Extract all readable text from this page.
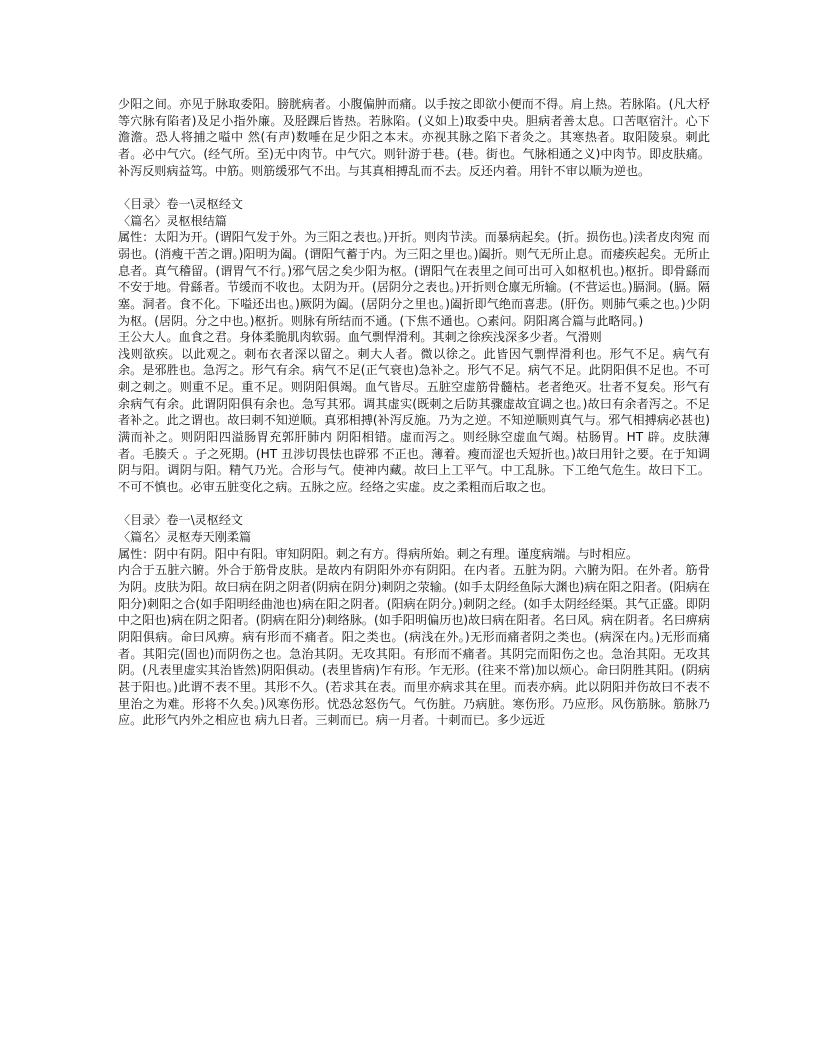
少阳之间。亦见于脉取委阳。膀胱病者。小腹偏肿而痛。以手按之即欲小便而不得。肩上热。若脉陷。(凡大杼等穴脉有陷者)及足小指外廉。及胫踝后皆热。若脉陷。(义如上)取委中央。胆病者善太息。口苦呕宿汁。心下澹澹。恐人将捕之嗌中 然(有声)数唾在足少阳之本末。亦视其脉之陷下者灸之。其寒热者。取阳陵泉。刺此者。必中气穴。(经气所。至)无中肉节。中气穴。则针游于巷。(巷。街也。气脉相通之义)中肉节。即皮肤痛。补泻反则病益笃。中筋。则筋缓邪气不出。与其真相搏乱而不去。反还内着。用针不审以顺为逆也。

〈目录〉卷一\灵枢经文

〈篇名〉灵枢根结篇

属性：太阳为开。(谓阳气发于外。为三阳之表也。)开折。则肉节渎。而暴病起矣。(折。损伤也。)渎者皮肉宛 而弱也。(消瘦干苦之谓。)阳明为阖。(谓阳气蓄于内。为三阳之里也。)阖折。则气无所止息。而痿疾起矣。无所止息者。真气稽留。(谓胃气不行。)邪气居之矣少阳为枢。(谓阳气在表里之间可出可入如枢机也。)枢折。即骨繇而不安于地。骨繇者。节缓而不收也。太阴为开。(居阴分之表也。)开折则仓廪无所输。(不营运也。)膈洞。(膈。隔塞。洞者。食不化。下嗌还出也。)厥阴为阖。(居阴分之里也。)阖折即气绝而喜悲。(肝伤。则肺气乘之也。)少阴为枢。(居阴。分之中也。)枢折。则脉有所结而不通。(下焦不通也。○素问。阴阳离合篇与此略同。)

王公大人。血食之君。身体柔脆肌肉软弱。血气剽悍滑利。其刺之徐疾浅深多少者。气滑则

浅则欲疾。以此观之。刺布衣者深以留之。刺大人者。微以徐之。此皆因气剽悍滑利也。形气不足。病气有余。是邪胜也。急泻之。形气有余。病气不足(正气衰也)急补之。形气不足。病气不足。此阴阳俱不足也。不可刺之刺之。则重不足。重不足。则阴阳俱竭。血气皆尽。五脏空虚筋骨髓枯。老者绝灭。壮者不复矣。形气有余病气有余。此谓阴阳俱有余也。急写其邪。调其虚实(既刺之后防其骤虚故宜调之也。)故曰有余者泻之。不足者补之。此之谓也。故曰刺不知逆顺。真邪相搏(补泻反施。乃为之逆。不知逆顺则真气与。邪气相搏病必甚也)满而补之。则阴阳四溢肠胃充郭肝肺内 阴阳相错。虚而泻之。则经脉空虚血气竭。枯肠胃。HT 辟。皮肤薄者。毛腠夭 。子之死期。(HT 丑涉切畏怯也辟邪 不正也。薄着。瘦而涩也夭短折也。)故曰用针之要。在于知调阴与阳。调阴与阳。精气乃光。合形与气。使神内藏。故曰上工平气。中工乱脉。下工绝气危生。故曰下工。不可不慎也。必审五脏变化之病。五脉之应。经络之实虚。皮之柔粗而后取之也。

〈目录〉卷一\灵枢经文

〈篇名〉灵枢寿天刚柔篇

属性：阴中有阴。阳中有阳。审知阴阳。刺之有方。得病所始。刺之有理。谨度病端。与时相应。

内合于五脏六腑。外合于筋骨皮肤。是故内有阴阳外亦有阴阳。在内者。五脏为阴。六腑为阳。在外者。筋骨为阴。皮肤为阳。故曰病在阴之阴者(阴病在阴分)刺阴之荥输。(如手太阴经鱼际大渊也)病在阳之阳者。(阳病在阳分)刺阳之合(如手阳明经曲池也)病在阳之阴者。(阳病在阴分。)刺阴之经。(如手太阴经经渠。其气正盛。即阴中之阳也)病在阴之阳者。(阴病在阳分)刺络脉。(如手阳明偏历也)故曰病在阳者。名曰风。病在阴者。名曰痹病阴阳俱病。命曰风痹。病有形而不痛者。阳之类也。(病浅在外。)无形而痛者阴之类也。(病深在内。)无形而痛者。其阳完(固也)而阴伤之也。急治其阴。无攻其阳。有形而不痛者。其阴完而阳伤之也。急治其阳。无攻其阴。(凡表里虚实其治皆然)阴阳俱动。(表里皆病)乍有形。乍无形。(往来不常)加以烦心。命曰阴胜其阳。(阴病甚于阳也。)此谓不表不里。其形不久。(若求其在表。而里亦病求其在里。而表亦病。此以阴阳并伤故曰不表不里治之为难。形将不久矣。)风寒伤形。忧恐忿怒伤气。气伤脏。乃病脏。寒伤形。乃应形。风伤筋脉。筋脉乃应。此形气内外之相应也 病九日者。三刺而已。病一月者。十刺而已。多少远近
